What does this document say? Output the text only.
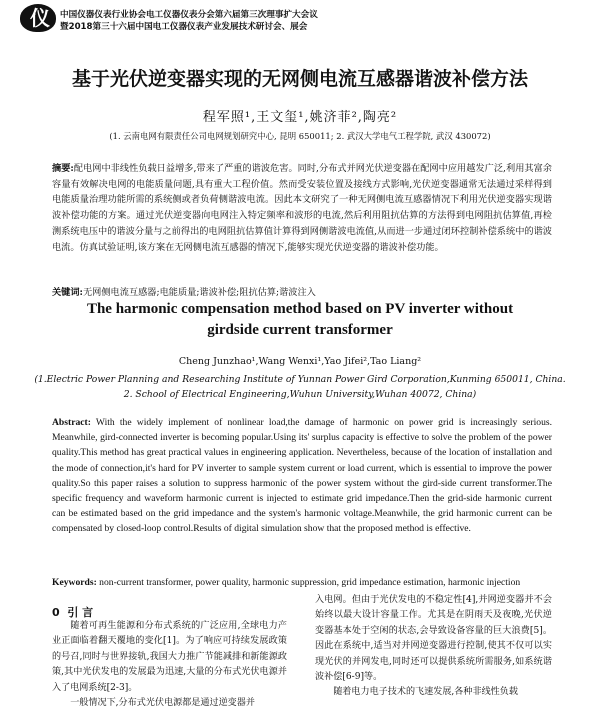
仪 中国仪器仪表行业协会电工仪器仪表分会第六届第三次理事扩大会议
暨2018第三十六届中国电工仪器仪表产业发展技术研讨会、展会
基于光伏逆变器实现的无网侧电流互感器谐波补偿方法
程军照¹,王文玺¹,姚济菲²,陶亮²
(1. 云南电网有限责任公司电网规划研究中心, 昆明 650011; 2. 武汉大学电气工程学院, 武汉 430072)
摘要:配电网中非线性负载日益增多,带来了严重的谐波危害。同时,分布式并网光伏逆变器在配网中应用越发广泛,利用其富余容量有效解决电网的电能质量问题,具有重大工程价值。然而受安装位置及接线方式影响,光伏逆变器通常无法通过采样得到电能质量治理功能所需的系统侧或者负荷侧谐波电流。因此本文研究了一种无网侧电流互感器情况下利用光伏逆变器实现谐波补偿功能的方案。通过光伏逆变器向电网注入特定频率和波形的电流,然后利用阻抗估算的方法得到电网阻抗估算值,再检测系统电压中的谐波分量与之前得出的电网阻抗估算值计算得到网侧谐波电流值,从而进一步通过闭环控制补偿系统中的谐波电流。仿真试验证明,该方案在无网侧电流互感器的情况下,能够实现光伏逆变器的谐波补偿功能。
关键词:无网侧电流互感器;电能质量;谐波补偿;阻抗估算;谐波注入
The harmonic compensation method based on PV inverter without
girdside current transformer
Cheng Junzhao¹,Wang Wenxi¹,Yao Jifei²,Tao Liang²
(1.Electric Power Planning and Researching Institute of Yunnan Power Gird Corporation,Kunming 650011, China.
2. School of Electrical Engineering,Wuhun University,Wuhan 40072, China)
Abstract: With the widely implement of nonlinear load,the damage of harmonic on power grid is increasingly serious. Meanwhile, gird-connected inverter is becoming popular.Using its' surplus capacity is effective to solve the problem of the power quality.This method has great practical values in engineering application. Nevertheless, because of the location of installation and the mode of connection,it's hard for PV inverter to sample system current or load current, which is essential to improve the power quality.So this paper raises a solution to suppress harmonic of the power system without the gird-side current transformer.The specific frequency and waveform harmonic current is injected to estimate grid impedance.Then the grid-side harmonic current can be estimated based on the grid impedance and the system's harmonic voltage.Meanwhile, the grid harmonic current can be compensated by closed-loop control.Results of digital simulation show that the proposed method is effective.
Keywords: non-current transformer, power quality, harmonic suppression, grid impedance estimation, harmonic injection
0 引 言

随着可再生能源和分布式系统的广泛应用,全球电力产业正面临着翻天覆地的变化[1]。为了响应可持续发展政策的号召,同时与世界接轨,我国大力推广节能减排和新能源政策,其中光伏发电的发展最为迅速,大量的分布式光伏电源并入了电网系统[2-3]。

一般情况下,分布式光伏电源都是通过逆变器并

入电网。但由于光伏发电的不稳定性[4],并网逆变器并不会始终以最大设计容量工作。尤其是在阴雨天及夜晚,光伏逆变器基本处于空闲的状态,会导致设备容量的巨大浪费[5]。因此在系统中,适当对并网逆变器进行控制,使其不仅可以实现光伏的并网发电,同时还可以提供系统所需服务,如系统谐波补偿[6-9]等。

随着电力电子技术的飞速发展,各种非线性负载
